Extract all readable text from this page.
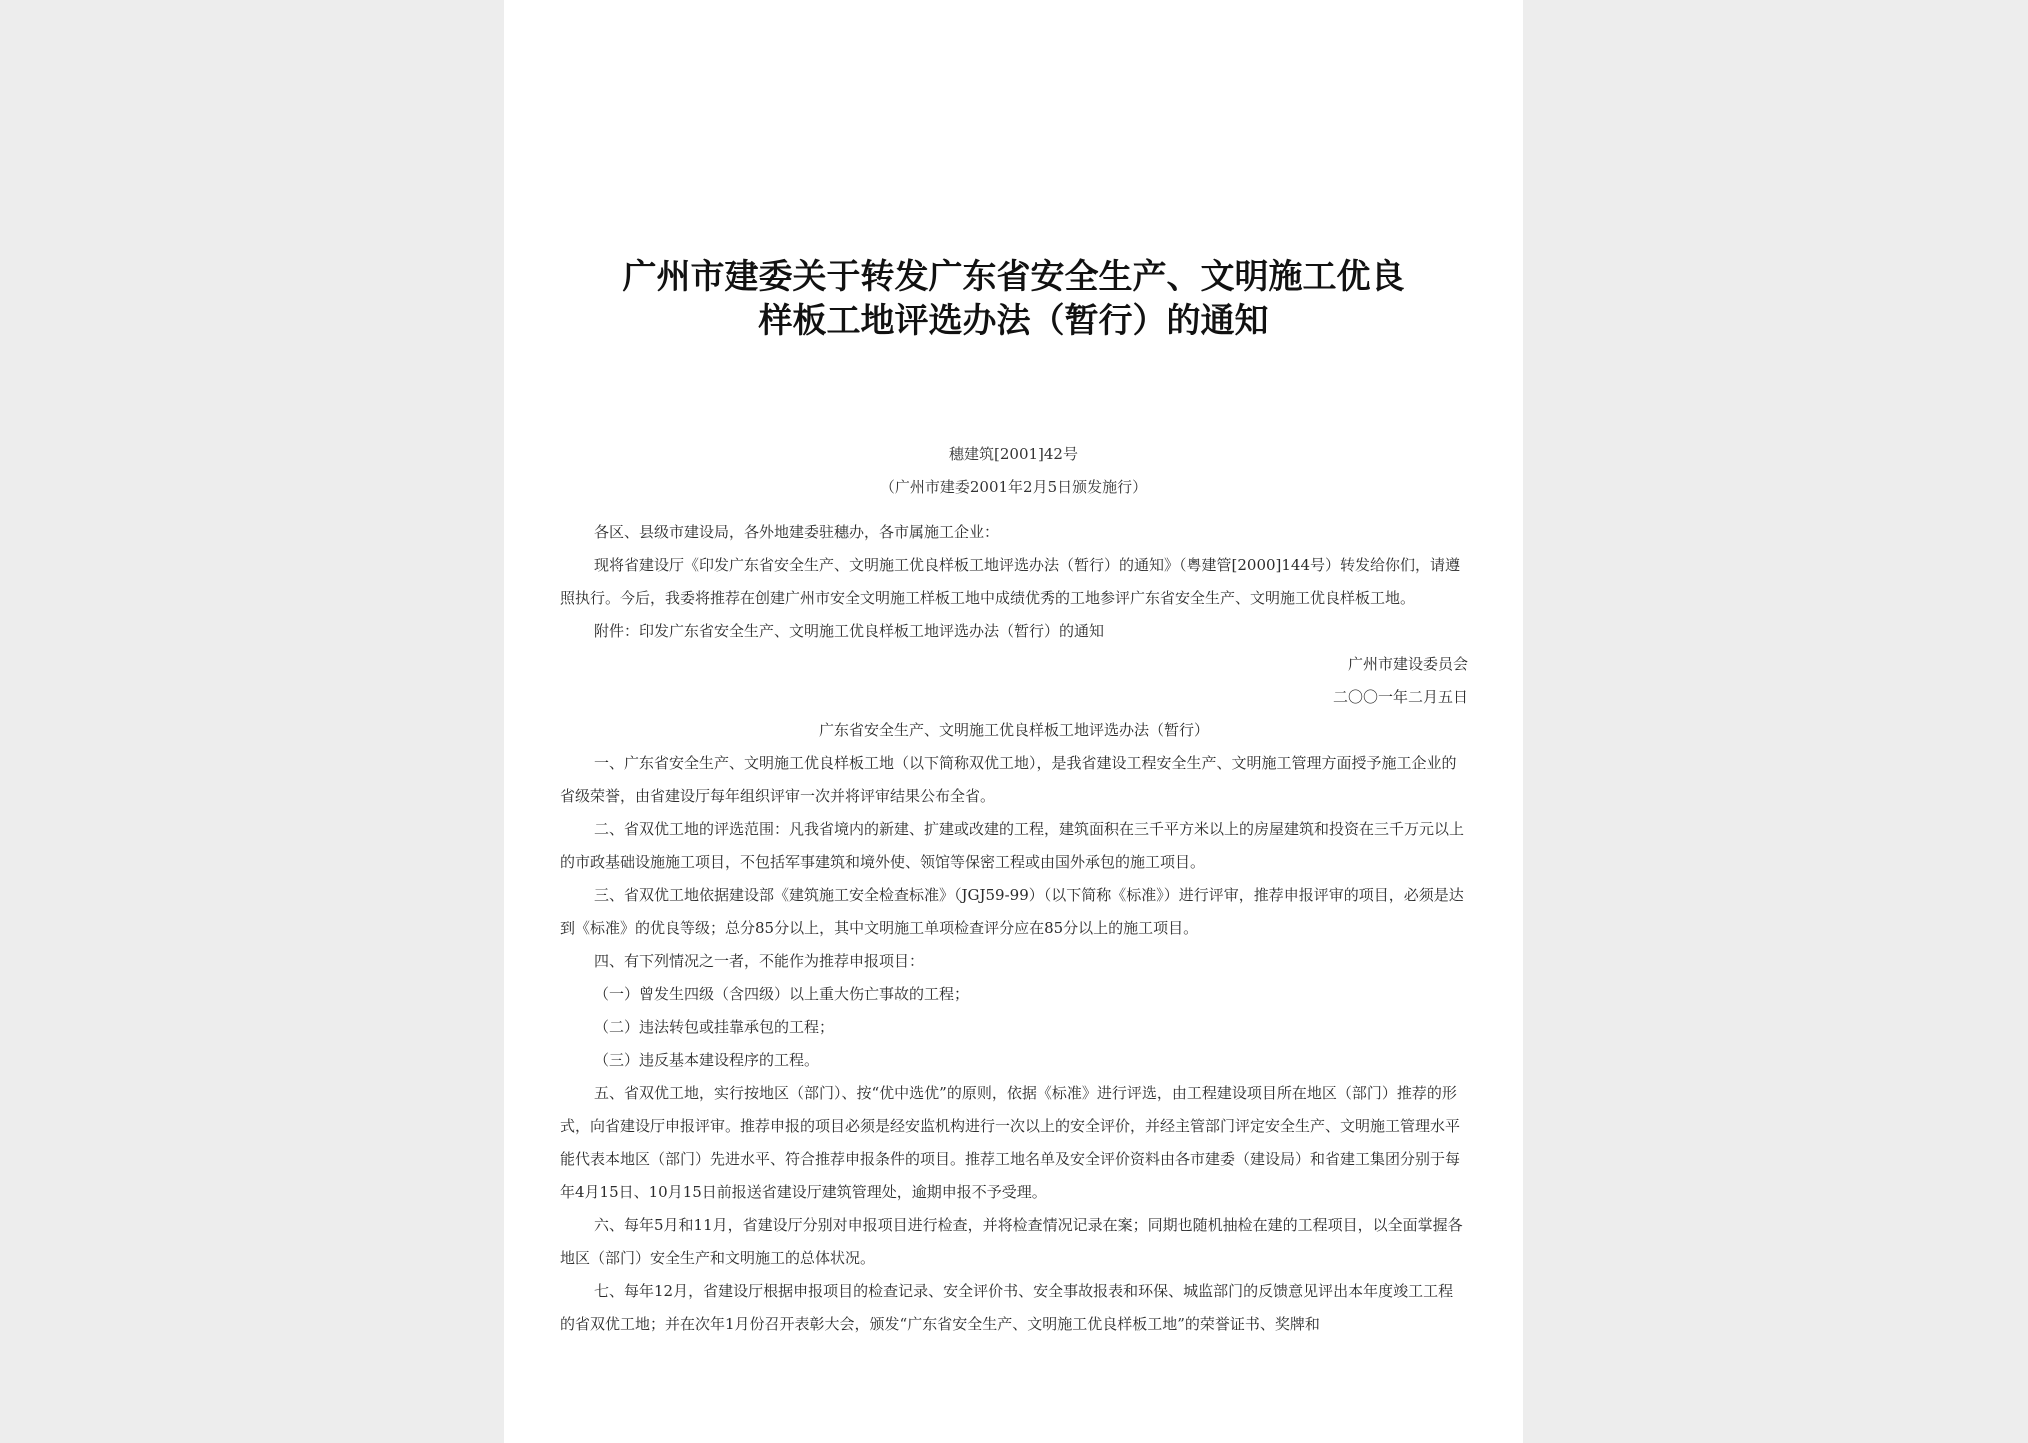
广州市建委关于转发广东省安全生产、文明施工优良
样板工地评选办法（暂行）的通知
穗建筑[2001]42号
（广州市建委2001年2月5日颁发施行）

各区、县级市建设局，各外地建委驻穗办，各市属施工企业：

现将省建设厅《印发广东省安全生产、文明施工优良样板工地评选办法（暂行）的通知》（粤建管[2000]144号）转发给你们，请遵照执行。今后，我委将推荐在创建广州市安全文明施工样板工地中成绩优秀的工地参评广东省安全生产、文明施工优良样板工地。

附件：印发广东省安全生产、文明施工优良样板工地评选办法（暂行）的通知

广州市建设委员会

二〇〇一年二月五日

广东省安全生产、文明施工优良样板工地评选办法（暂行）

一、广东省安全生产、文明施工优良样板工地（以下简称双优工地），是我省建设工程安全生产、文明施工管理方面授予施工企业的省级荣誉，由省建设厅每年组织评审一次并将评审结果公布全省。

二、省双优工地的评选范围：凡我省境内的新建、扩建或改建的工程，建筑面积在三千平方米以上的房屋建筑和投资在三千万元以上的市政基础设施施工项目，不包括军事建筑和境外使、领馆等保密工程或由国外承包的施工项目。

三、省双优工地依据建设部《建筑施工安全检查标准》（JGJ59-99）（以下简称《标准》）进行评审，推荐申报评审的项目，必须是达到《标准》的优良等级；总分85分以上，其中文明施工单项检查评分应在85分以上的施工项目。

四、有下列情况之一者，不能作为推荐申报项目：

（一）曾发生四级（含四级）以上重大伤亡事故的工程；

（二）违法转包或挂靠承包的工程；

（三）违反基本建设程序的工程。

五、省双优工地，实行按地区（部门）、按“优中选优”的原则，依据《标准》进行评选，由工程建设项目所在地区（部门）推荐的形式，向省建设厅申报评审。推荐申报的项目必须是经安监机构进行一次以上的安全评价，并经主管部门评定安全生产、文明施工管理水平能代表本地区（部门）先进水平、符合推荐申报条件的项目。推荐工地名单及安全评价资料由各市建委（建设局）和省建工集团分别于每年4月15日、10月15日前报送省建设厅建筑管理处，逾期申报不予受理。

六、每年5月和11月，省建设厅分别对申报项目进行检查，并将检查情况记录在案；同期也随机抽检在建的工程项目，以全面掌握各地区（部门）安全生产和文明施工的总体状况。

七、每年12月，省建设厅根据申报项目的检查记录、安全评价书、安全事故报表和环保、城监部门的反馈意见评出本年度竣工工程的省双优工地；并在次年1月份召开表彰大会，颁发“广东省安全生产、文明施工优良样板工地”的荣誉证书、奖牌和
